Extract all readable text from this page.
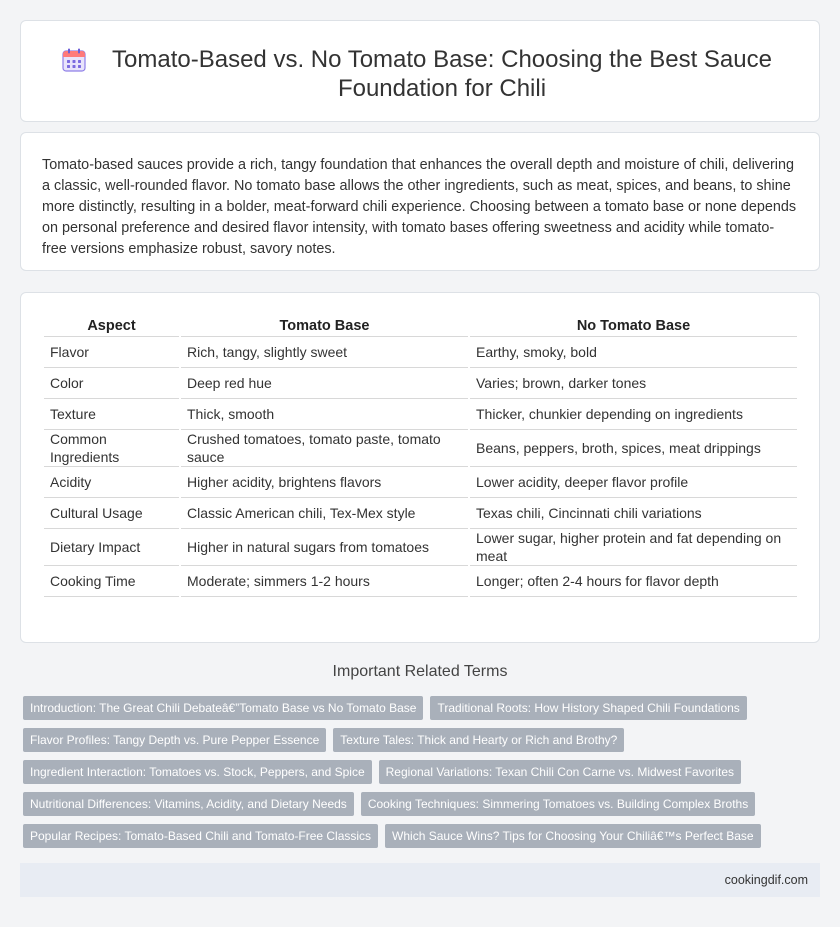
Tomato-Based vs. No Tomato Base: Choosing the Best Sauce Foundation for Chili

Tomato-based sauces provide a rich, tangy foundation that enhances the overall depth and moisture of chili, delivering a classic, well-rounded flavor. No tomato base allows the other ingredients, such as meat, spices, and beans, to shine more distinctly, resulting in a bolder, meat-forward chili experience. Choosing between a tomato base or none depends on personal preference and desired flavor intensity, with tomato bases offering sweetness and acidity while tomato-free versions emphasize robust, savory notes.

Aspect	Tomato Base	No Tomato Base
Flavor	Rich, tangy, slightly sweet	Earthy, smoky, bold
Color	Deep red hue	Varies; brown, darker tones
Texture	Thick, smooth	Thicker, chunkier depending on ingredients
Common Ingredients	Crushed tomatoes, tomato paste, tomato sauce	Beans, peppers, broth, spices, meat drippings
Acidity	Higher acidity, brightens flavors	Lower acidity, deeper flavor profile
Cultural Usage	Classic American chili, Tex-Mex style	Texas chili, Cincinnati chili variations
Dietary Impact	Higher in natural sugars from tomatoes	Lower sugar, higher protein and fat depending on meat
Cooking Time	Moderate; simmers 1-2 hours	Longer; often 2-4 hours for flavor depth
Important Related Terms
Introduction: The Great Chili Debateâ€”Tomato Base vs No Tomato Base	Traditional Roots: How History Shaped Chili Foundations
Flavor Profiles: Tangy Depth vs. Pure Pepper Essence	Texture Tales: Thick and Hearty or Rich and Brothy?
Ingredient Interaction: Tomatoes vs. Stock, Peppers, and Spice	Regional Variations: Texan Chili Con Carne vs. Midwest Favorites
Nutritional Differences: Vitamins, Acidity, and Dietary Needs	Cooking Techniques: Simmering Tomatoes vs. Building Complex Broths
Popular Recipes: Tomato-Based Chili and Tomato-Free Classics	Which Sauce Wins? Tips for Choosing Your Chiliâ€™s Perfect Base
cookingdif.com
